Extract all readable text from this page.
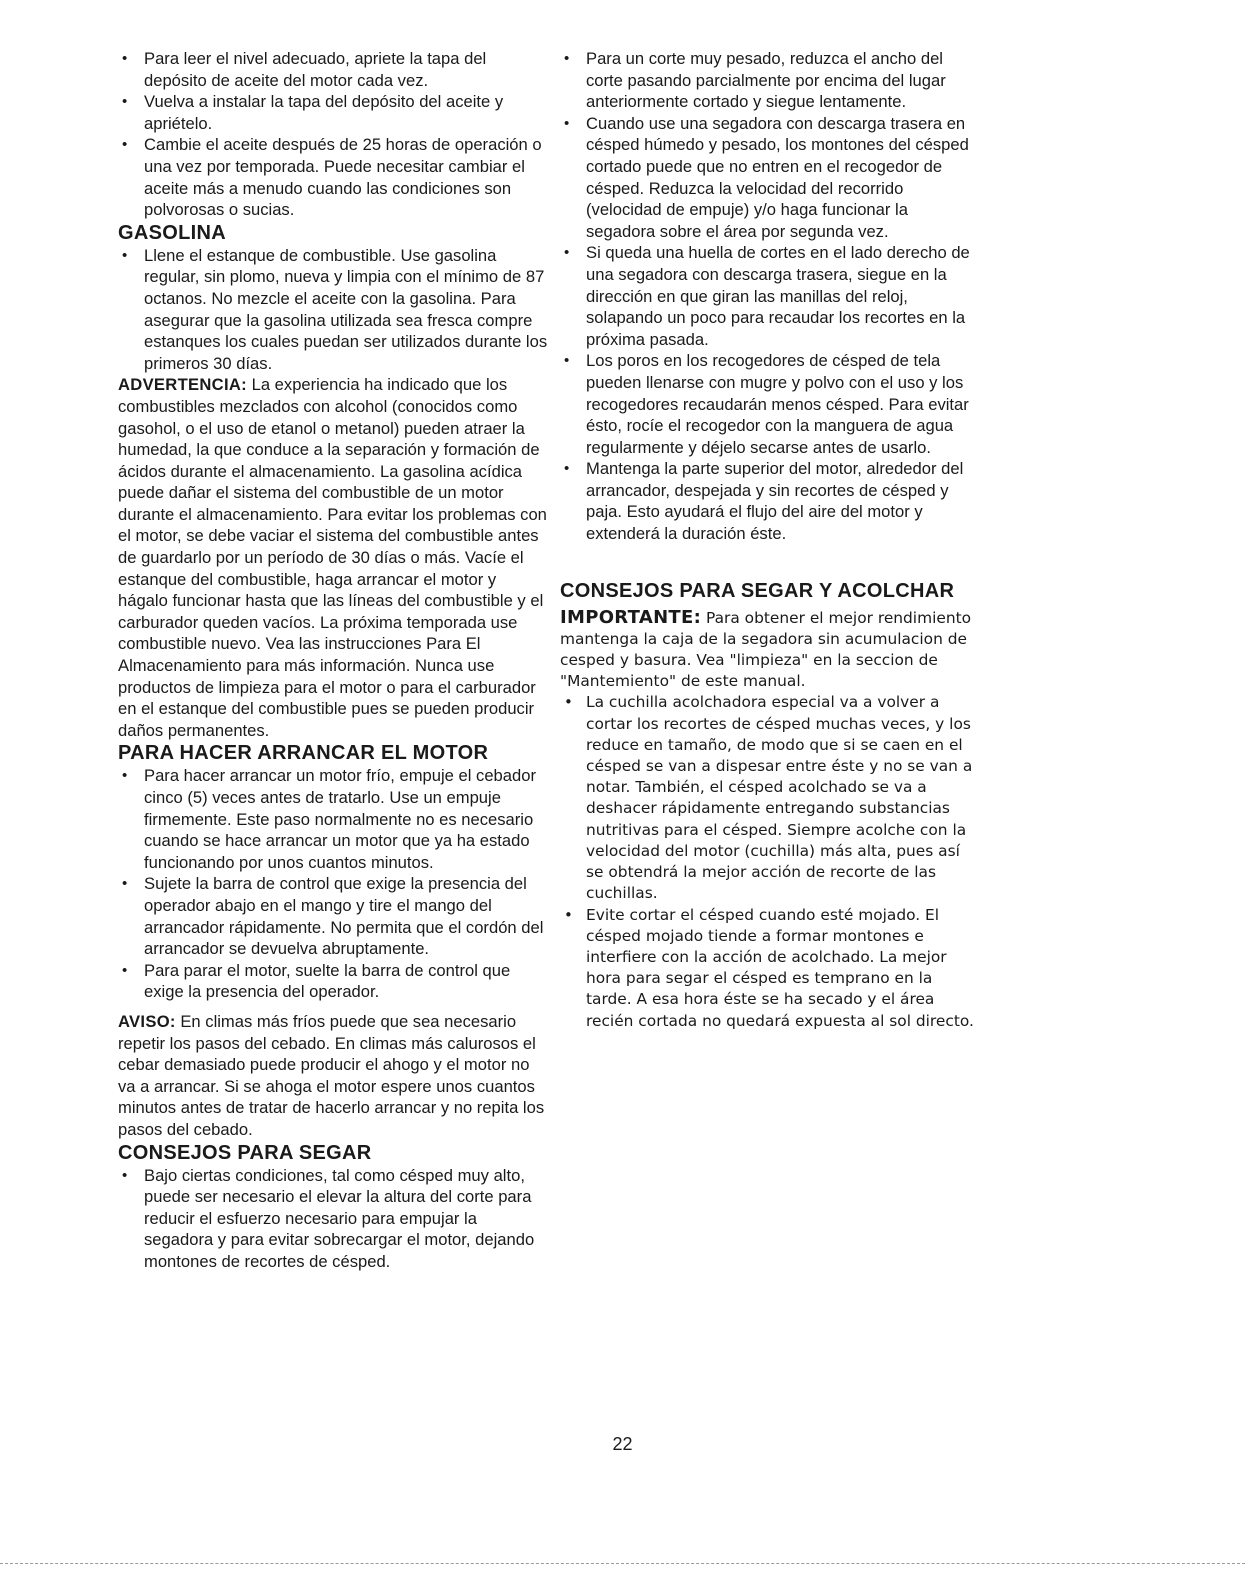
• Para leer el nivel adecuado, apriete la tapa del depósito de aceite del motor cada vez.
• Vuelva a instalar la tapa del depósito del aceite y apriételo.
• Cambie el aceite después de 25 horas de operación o una vez por temporada. Puede necesitar cambiar el aceite más a menudo cuando las condiciones son polvorosas o sucias.
GASOLINA
• Llene el estanque de combustible. Use gasolina regular, sin plomo, nueva y limpia con el mínimo de 87 octanos. No mezcle el aceite con la gasolina. Para asegurar que la gasolina utilizada sea fresca compre estanques los cuales puedan ser utilizados durante los primeros 30 días.

ADVERTENCIA: La experiencia ha indicado que los combustibles mezclados con alcohol (conocidos como gasohol, o el uso de etanol o metanol) pueden atraer la humedad, la que conduce a la separación y formación de ácidos durante el almacenamiento. La gasolina acídica puede dañar el sistema del combustible de un motor durante el almacenamiento. Para evitar los problemas con el motor, se debe vaciar el sistema del combustible antes de guardarlo por un período de 30 días o más. Vacíe el estanque del combustible, haga arrancar el motor y hágalo funcionar hasta que las líneas del combustible y el carburador queden vacíos. La próxima temporada use combustible nuevo. Vea las instrucciones Para El Almacenamiento para más información. Nunca use productos de limpieza para el motor o para el carburador en el estanque del combustible pues se pueden producir daños permanentes.

PARA HACER ARRANCAR EL MOTOR
• Para hacer arrancar un motor frío, empuje el cebador cinco (5) veces antes de tratarlo. Use un empuje firmemente. Este paso normalmente no es necesario cuando se hace arrancar un motor que ya ha estado funcionando por unos cuantos minutos.
• Sujete la barra de control que exige la presencia del operador abajo en el mango y tire el mango del arrancador rápidamente. No permita que el cordón del arrancador se devuelva abruptamente.
• Para parar el motor, suelte la barra de control que exige la presencia del operador.

AVISO: En climas más fríos puede que sea necesario repetir los pasos del cebado. En climas más calurosos el cebar demasiado puede producir el ahogo y el motor no va a arrancar. Si se ahoga el motor espere unos cuantos minutos antes de tratar de hacerlo arrancar y no repita los pasos del cebado.

CONSEJOS PARA SEGAR
• Bajo ciertas condiciones, tal como césped muy alto, puede ser necesario el elevar la altura del corte para reducir el esfuerzo necesario para empujar la segadora y para evitar sobrecargar el motor, dejando montones de recortes de césped.
• Para un corte muy pesado, reduzca el ancho del corte pasando parcialmente por encima del lugar anteriormente cortado y siegue lentamente.
• Cuando use una segadora con descarga trasera en césped húmedo y pesado, los montones del césped cortado puede que no entren en el recogedor de césped. Reduzca la velocidad del recorrido (velocidad de empuje) y/o haga funcionar la segadora sobre el área por segunda vez.
• Si queda una huella de cortes en el lado derecho de una segadora con descarga trasera, siegue en la dirección en que giran las manillas del reloj, solapando un poco para recaudar los recortes en la próxima pasada.
• Los poros en los recogedores de césped de tela pueden llenarse con mugre y polvo con el uso y los recogedores recaudarán menos césped. Para evitar ésto, rocíe el recogedor con la manguera de agua regularmente y déjelo secarse antes de usarlo.
• Mantenga la parte superior del motor, alrededor del arrancador, despejada y sin recortes de césped y paja. Esto ayudará el flujo del aire del motor y extenderá la duración éste.
CONSEJOS PARA SEGAR Y ACOLCHAR

IMPORTANTE: Para obtener el mejor rendimiento mantenga la caja de la segadora sin acumulacion de cesped y basura. Vea "limpieza" en la seccion de "Mantemiento" de este manual.

• La cuchilla acolchadora especial va a volver a cortar los recortes de césped muchas veces, y los reduce en tamaño, de modo que si se caen en el césped se van a dispesar entre éste y no se van a notar. También, el césped acolchado se va a deshacer rápidamente entregando substancias nutritivas para el césped. Siempre acolche con la velocidad del motor (cuchilla) más alta, pues así se obtendrá la mejor acción de recorte de las cuchillas.
• Evite cortar el césped cuando esté mojado. El césped mojado tiende a formar montones e interfiere con la acción de acolchado. La mejor hora para segar el césped es temprano en la tarde. A esa hora éste se ha secado y el área recién cortada no quedará expuesta al sol directo.
22
